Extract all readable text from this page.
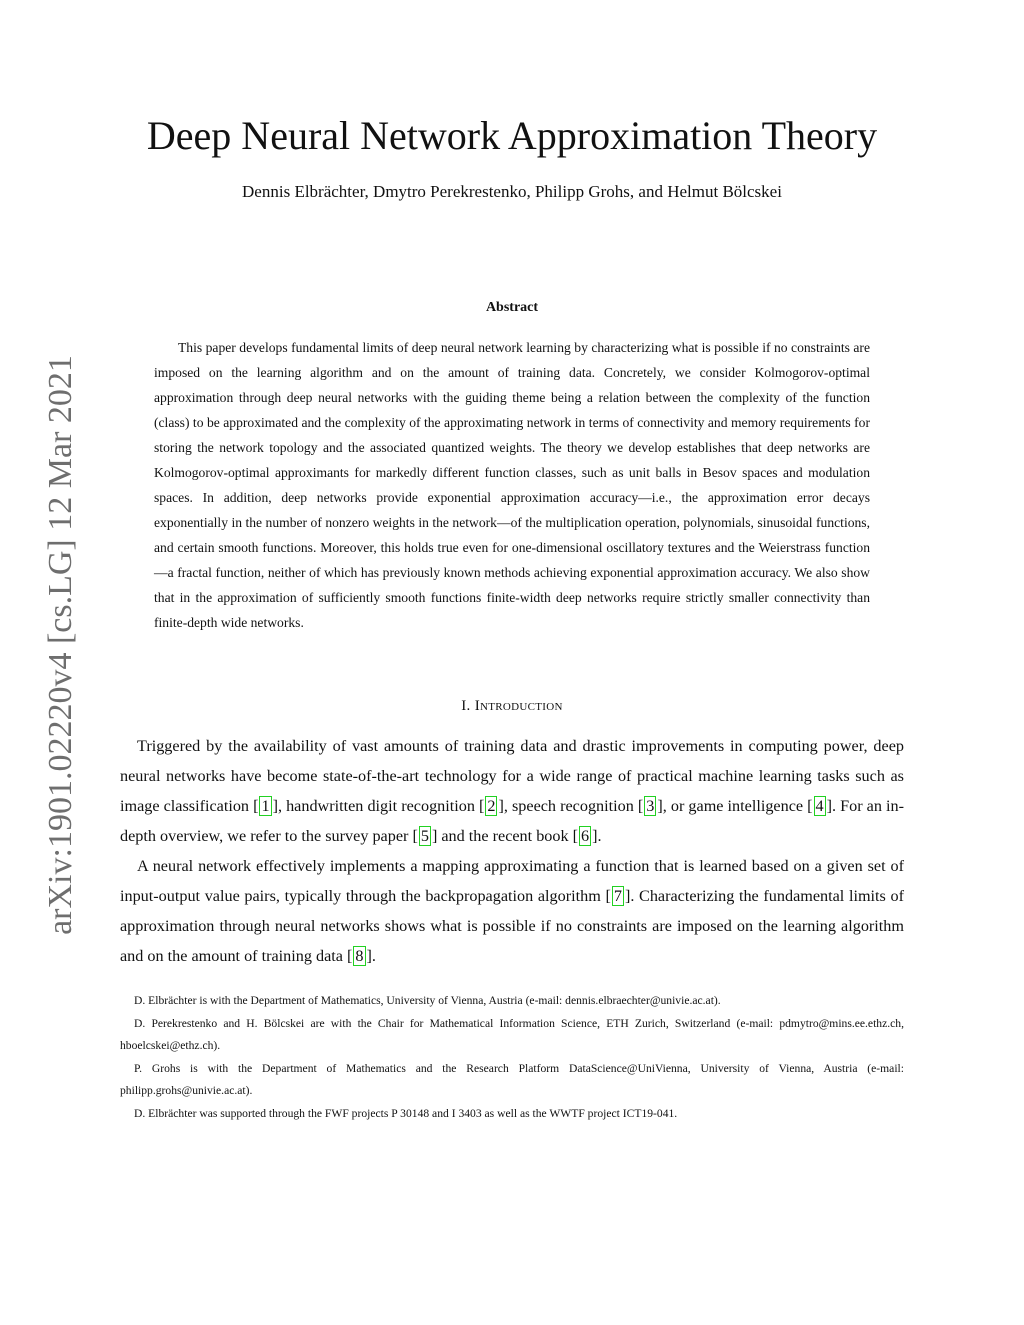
arXiv:1901.02220v4 [cs.LG] 12 Mar 2021
Deep Neural Network Approximation Theory
Dennis Elbrächter, Dmytro Perekrestenko, Philipp Grohs, and Helmut Bölcskei
Abstract
This paper develops fundamental limits of deep neural network learning by characterizing what is possible if no constraints are imposed on the learning algorithm and on the amount of training data. Concretely, we consider Kolmogorov-optimal approximation through deep neural networks with the guiding theme being a relation between the complexity of the function (class) to be approximated and the complexity of the approximating network in terms of connectivity and memory requirements for storing the network topology and the associated quantized weights. The theory we develop establishes that deep networks are Kolmogorov-optimal approximants for markedly different function classes, such as unit balls in Besov spaces and modulation spaces. In addition, deep networks provide exponential approximation accuracy—i.e., the approximation error decays exponentially in the number of nonzero weights in the network—of the multiplication operation, polynomials, sinusoidal functions, and certain smooth functions. Moreover, this holds true even for one-dimensional oscillatory textures and the Weierstrass function—a fractal function, neither of which has previously known methods achieving exponential approximation accuracy. We also show that in the approximation of sufficiently smooth functions finite-width deep networks require strictly smaller connectivity than finite-depth wide networks.
I. Introduction

Triggered by the availability of vast amounts of training data and drastic improvements in computing power, deep neural networks have become state-of-the-art technology for a wide range of practical machine learning tasks such as image classification [ 1 ], handwritten digit recognition [ 2 ], speech recognition [ 3 ], or game intelligence [ 4 ]. For an in-depth overview, we refer to the survey paper [ 5 ] and the recent book [ 6 ].

A neural network effectively implements a mapping approximating a function that is learned based on a given set of input-output value pairs, typically through the backpropagation algorithm [ 7 ]. Characterizing the fundamental limits of approximation through neural networks shows what is possible if no constraints are imposed on the learning algorithm and on the amount of training data [ 8 ].

D. Elbrächter is with the Department of Mathematics, University of Vienna, Austria (e-mail: dennis.elbraechter@univie.ac.at).

D. Perekrestenko and H. Bölcskei are with the Chair for Mathematical Information Science, ETH Zurich, Switzerland (e-mail: pdmytro@mins.ee.ethz.ch, hboelcskei@ethz.ch).

P. Grohs is with the Department of Mathematics and the Research Platform DataScience@UniVienna, University of Vienna, Austria (e-mail: philipp.grohs@univie.ac.at).

D. Elbrächter was supported through the FWF projects P 30148 and I 3403 as well as the WWTF project ICT19-041.
